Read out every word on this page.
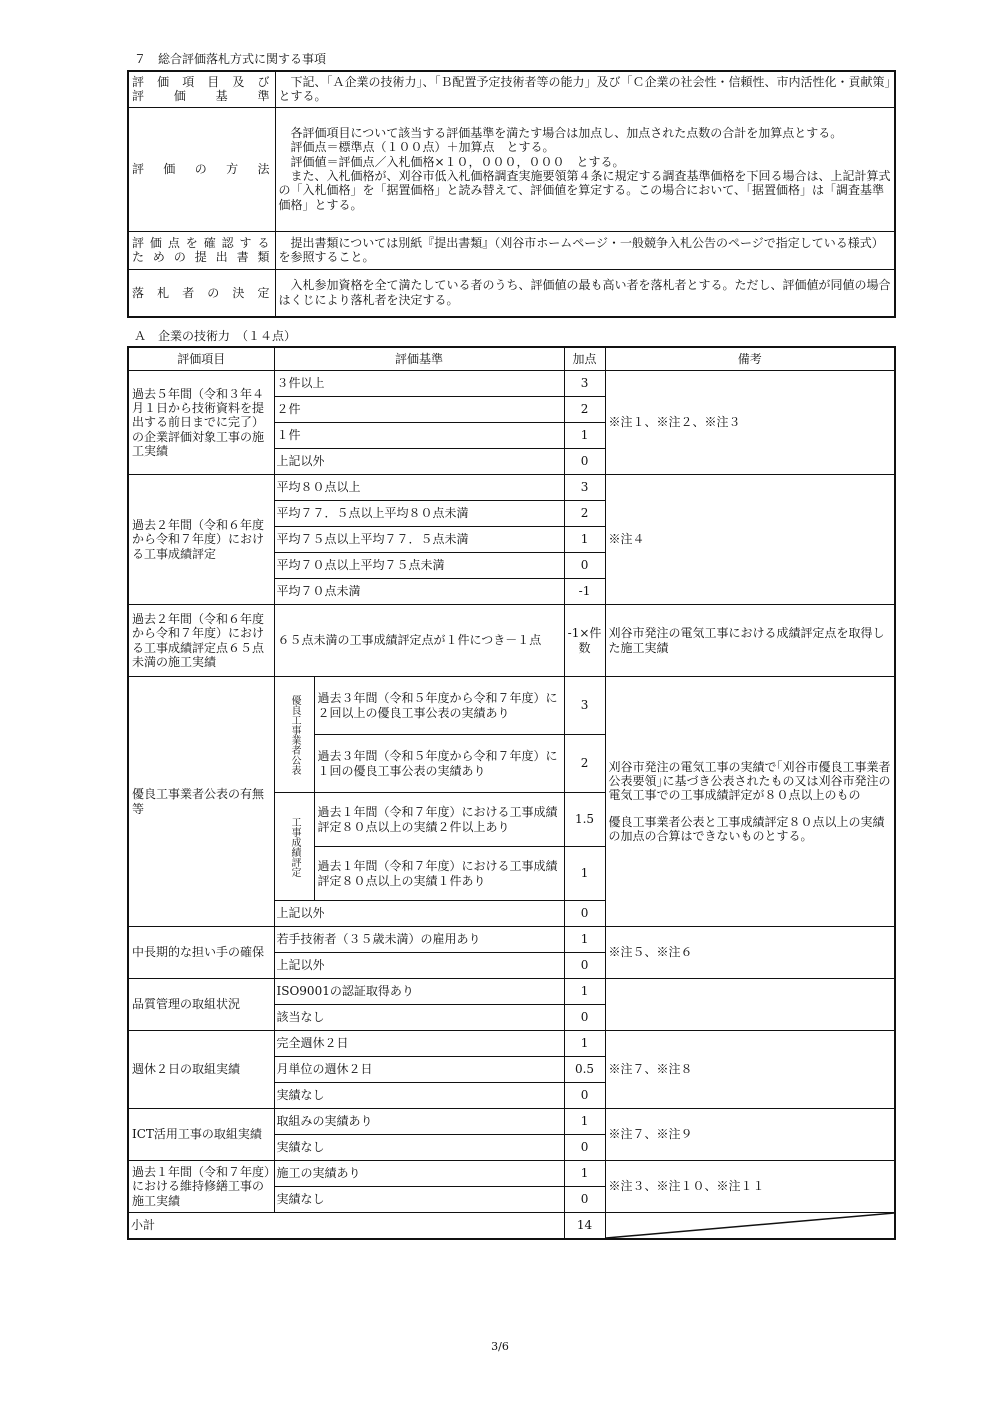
７　総合評価落札方式に関する事項
評価項目及び
評価基準	　下記、「Ａ企業の技術力」、「Ｂ配置予定技術者等の能力」及び「Ｃ企業の社会性・信頼性、市内活性化・貢献策」とする。

評価の方法	　各評価項目について該当する評価基準を満たす場合は加点し、加点された点数の合計を加算点とする。
　評価点＝標準点（１００点）＋加算点　とする。
　評価値＝評価点／入札価格×１０，０００，０００　とする。
　また、入札価格が、刈谷市低入札価格調査実施要領第４条に規定する調査基準価格を下回る場合は、上記計算式の「入札価格」を「据置価格」と読み替えて、評価値を算定する。この場合において、「据置価格」は「調査基準価格」とする。

評価点を確認する
ための提出書類	　提出書類については別紙『提出書類』（刈谷市ホームページ・一般競争入札公告のページで指定している様式）を参照すること。

落札者の決定	　入札参加資格を全て満たしている者のうち、評価値の最も高い者を落札者とする。ただし、評価値が同値の場合はくじにより落札者を決定する。
Ａ　企業の技術力　（１４点）
評価項目	評価基準		加点	備考
過去５年間（令和３年４月１日から技術資料を提出する前日までに完了）の企業評価対象工事の施工実績	３件以上		3	※注１、※注２、※注３
	２件		2	
	１件		1	
	上記以外		0	
過去２年間（令和６年度から令和７年度）における工事成績評定	平均８０点以上		3	※注４
	平均７７．５点以上平均８０点未満		2	
	平均７５点以上平均７７．５点未満		1	
	平均７０点以上平均７５点未満		0	
	平均７０点未満		-1	
過去２年間（令和６年度から令和７年度）における工事成績評定点６５点未満の施工実績	６５点未満の工事成績評定点が１件につき－１点		-1×件数	刈谷市発注の電気工事における成績評定点を取得した施工実績
優良工事業者公表の有無等	優良工事業者公表	過去３年間（令和５年度から令和７年度）に２回以上の優良工事公表の実績あり	3	刈谷市発注の電気工事の実績で｢刈谷市優良工事業者公表要領｣に基づき公表されたもの又は刈谷市発注の電気工事での工事成績評定が８０点以上のもの
優良工事業者公表と工事成績評定８０点以上の実績の加点の合算はできないものとする。

		過去３年間（令和５年度から令和７年度）に１回の優良工事公表の実績あり	2	

	工事成績評定	過去１年間（令和７年度）における工事成績評定８０点以上の実績２件以上あり	1.5	
		過去１年間（令和７年度）における工事成績評定８０点以上の実績１件あり	1	
	上記以外		0	
中長期的な担い手の確保	若手技術者（３５歳未満）の雇用あり		1	※注５、※注６
	上記以外		0	
品質管理の取組状況	ISO9001の認証取得あり		1	
	該当なし		0	
週休２日の取組実績	完全週休２日		1	※注７、※注８
	月単位の週休２日		0.5	
	実績なし		0	
ICT活用工事の取組実績	取組みの実績あり		1	※注７、※注９
	実績なし		0	
過去１年間（令和７年度）における維持修繕工事の施工実績	施工の実績あり		1	※注３、※注１０、※注１１
	実績なし		0	
小計			14	
3/6
